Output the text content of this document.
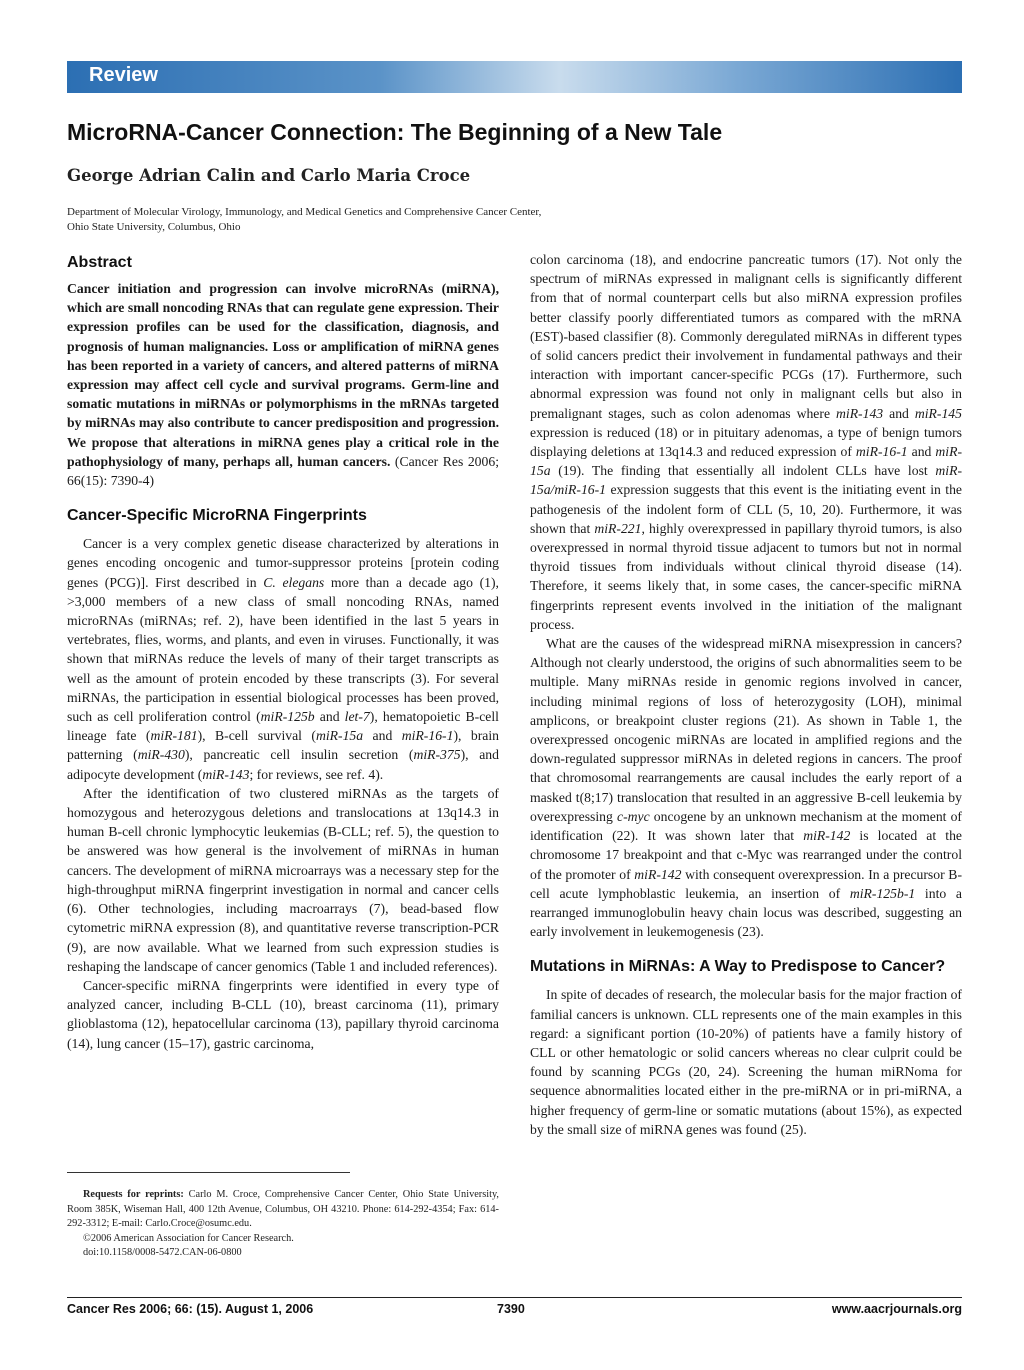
Review
MicroRNA-Cancer Connection: The Beginning of a New Tale
George Adrian Calin and Carlo Maria Croce
Department of Molecular Virology, Immunology, and Medical Genetics and Comprehensive Cancer Center,
Ohio State University, Columbus, Ohio
Abstract

Cancer initiation and progression can involve microRNAs (miRNA), which are small noncoding RNAs that can regulate gene expression. Their expression profiles can be used for the classification, diagnosis, and prognosis of human malignancies. Loss or amplification of miRNA genes has been reported in a variety of cancers, and altered patterns of miRNA expression may affect cell cycle and survival programs. Germ-line and somatic mutations in miRNAs or polymorphisms in the mRNAs targeted by miRNAs may also contribute to cancer predisposition and progression. We propose that alterations in miRNA genes play a critical role in the pathophysiology of many, perhaps all, human cancers. (Cancer Res 2006; 66(15): 7390-4)

Cancer-Specific MicroRNA Fingerprints

Cancer is a very complex genetic disease characterized by alterations in genes encoding oncogenic and tumor-suppressor proteins [protein coding genes (PCG)]. First described in C. elegans more than a decade ago (1), >3,000 members of a new class of small noncoding RNAs, named microRNAs (miRNAs; ref. 2), have been identified in the last 5 years in vertebrates, flies, worms, and plants, and even in viruses. Functionally, it was shown that miRNAs reduce the levels of many of their target transcripts as well as the amount of protein encoded by these transcripts (3). For several miRNAs, the participation in essential biological processes has been proved, such as cell proliferation control (miR-125b and let-7), hematopoietic B-cell lineage fate (miR-181), B-cell survival (miR-15a and miR-16-1), brain patterning (miR-430), pancreatic cell insulin secretion (miR-375), and adipocyte development (miR-143; for reviews, see ref. 4).

After the identification of two clustered miRNAs as the targets of homozygous and heterozygous deletions and translocations at 13q14.3 in human B-cell chronic lymphocytic leukemias (B-CLL; ref. 5), the question to be answered was how general is the involvement of miRNAs in human cancers. The development of miRNA microarrays was a necessary step for the high-throughput miRNA fingerprint investigation in normal and cancer cells (6). Other technologies, including macroarrays (7), bead-based flow cytometric miRNA expression (8), and quantitative reverse transcription-PCR (9), are now available. What we learned from such expression studies is reshaping the landscape of cancer genomics (Table 1 and included references).

Cancer-specific miRNA fingerprints were identified in every type of analyzed cancer, including B-CLL (10), breast carcinoma (11), primary glioblastoma (12), hepatocellular carcinoma (13), papillary thyroid carcinoma (14), lung cancer (15–17), gastric carcinoma,

Requests for reprints: Carlo M. Croce, Comprehensive Cancer Center, Ohio State University, Room 385K, Wiseman Hall, 400 12th Avenue, Columbus, OH 43210. Phone: 614-292-4354; Fax: 614-292-3312; E-mail: Carlo.Croce@osumc.edu.

©2006 American Association for Cancer Research.

doi:10.1158/0008-5472.CAN-06-0800

colon carcinoma (18), and endocrine pancreatic tumors (17). Not only the spectrum of miRNAs expressed in malignant cells is significantly different from that of normal counterpart cells but also miRNA expression profiles better classify poorly differentiated tumors as compared with the mRNA (EST)-based classifier (8). Commonly deregulated miRNAs in different types of solid cancers predict their involvement in fundamental pathways and their interaction with important cancer-specific PCGs (17). Furthermore, such abnormal expression was found not only in malignant cells but also in premalignant stages, such as colon adenomas where miR-143 and miR-145 expression is reduced (18) or in pituitary adenomas, a type of benign tumors displaying deletions at 13q14.3 and reduced expression of miR-16-1 and miR-15a (19). The finding that essentially all indolent CLLs have lost miR-15a/miR-16-1 expression suggests that this event is the initiating event in the pathogenesis of the indolent form of CLL (5, 10, 20). Furthermore, it was shown that miR-221, highly overexpressed in papillary thyroid tumors, is also overexpressed in normal thyroid tissue adjacent to tumors but not in normal thyroid tissues from individuals without clinical thyroid disease (14). Therefore, it seems likely that, in some cases, the cancer-specific miRNA fingerprints represent events involved in the initiation of the malignant process.

What are the causes of the widespread miRNA misexpression in cancers? Although not clearly understood, the origins of such abnormalities seem to be multiple. Many miRNAs reside in genomic regions involved in cancer, including minimal regions of loss of heterozygosity (LOH), minimal amplicons, or breakpoint cluster regions (21). As shown in Table 1, the overexpressed oncogenic miRNAs are located in amplified regions and the down-regulated suppressor miRNAs in deleted regions in cancers. The proof that chromosomal rearrangements are causal includes the early report of a masked t(8;17) translocation that resulted in an aggressive B-cell leukemia by overexpressing c-myc oncogene by an unknown mechanism at the moment of identification (22). It was shown later that miR-142 is located at the chromosome 17 breakpoint and that c-Myc was rearranged under the control of the promoter of miR-142 with consequent overexpression. In a precursor B-cell acute lymphoblastic leukemia, an insertion of miR-125b-1 into a rearranged immunoglobulin heavy chain locus was described, suggesting an early involvement in leukemogenesis (23).

Mutations in MiRNAs: A Way to Predispose to Cancer?

In spite of decades of research, the molecular basis for the major fraction of familial cancers is unknown. CLL represents one of the main examples in this regard: a significant portion (10-20%) of patients have a family history of CLL or other hematologic or solid cancers whereas no clear culprit could be found by scanning PCGs (20, 24). Screening the human miRNoma for sequence abnormalities located either in the pre-miRNA or in pri-miRNA, a higher frequency of germ-line or somatic mutations (about 15%), as expected by the small size of miRNA genes was found (25).

Cancer Res 2006; 66: (15). August 1, 2006	7390	www.aacrjournals.org
